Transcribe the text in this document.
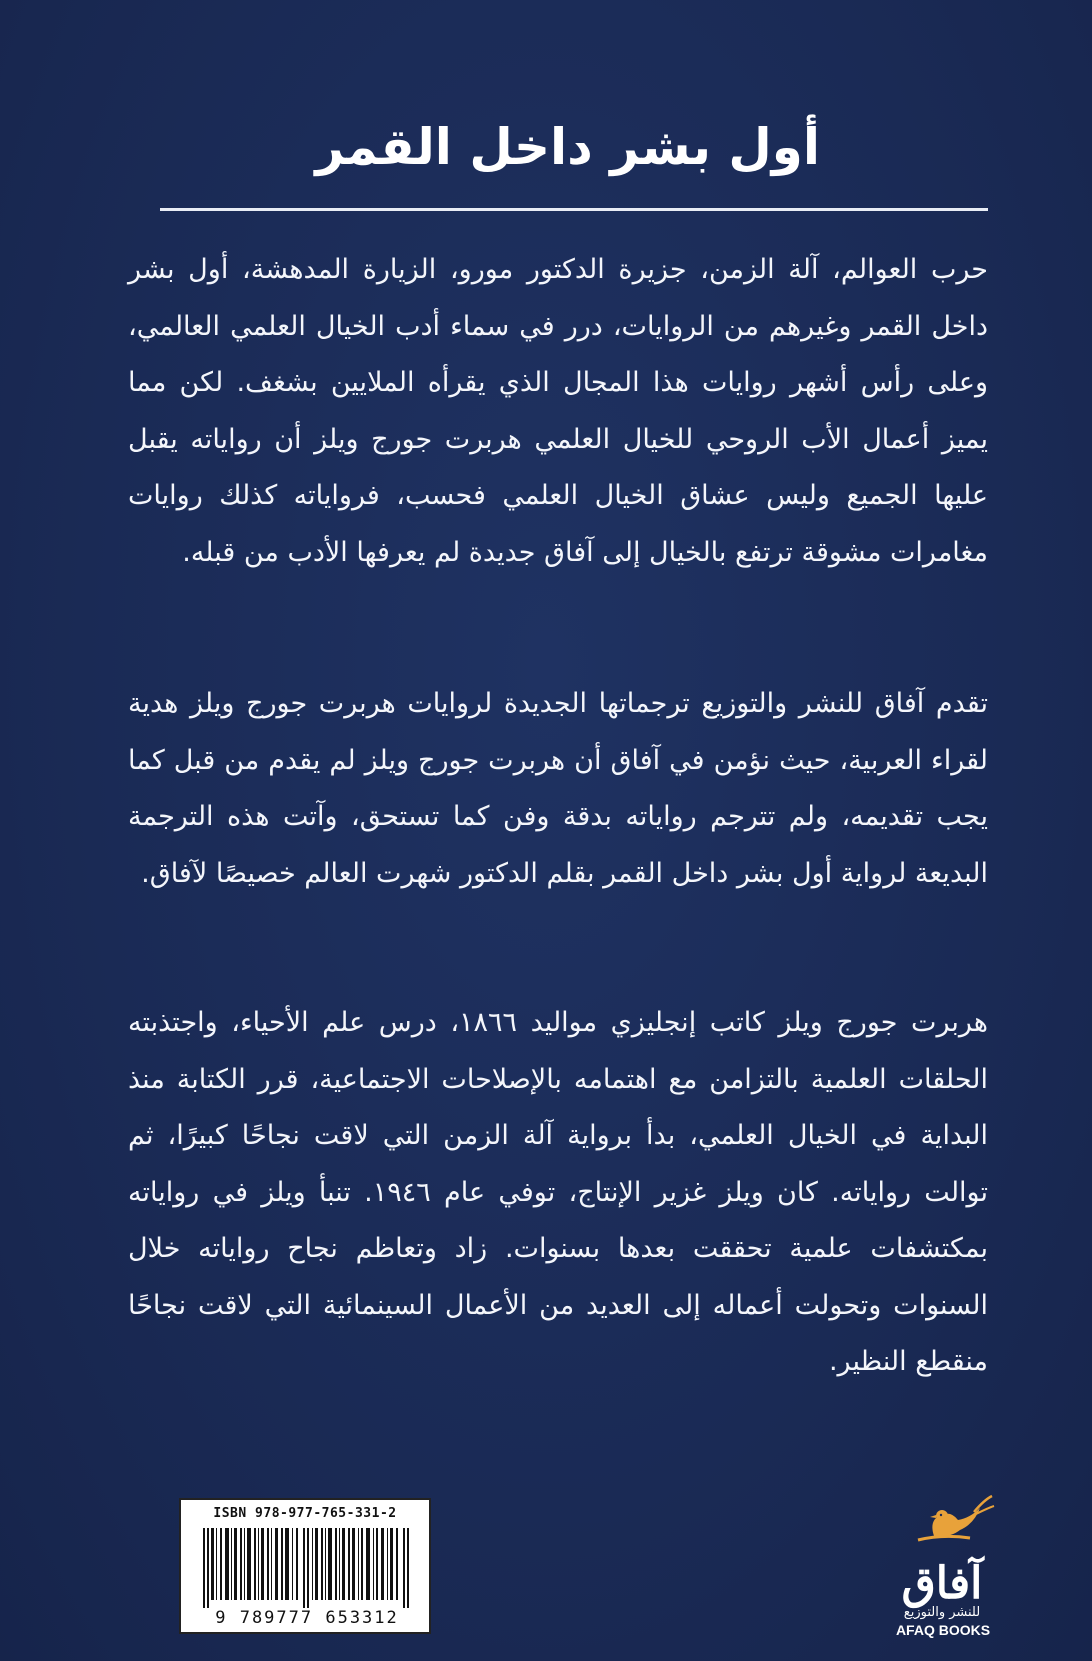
أول بشر داخل القمر

حرب العوالم، آلة الزمن، جزيرة الدكتور مورو، الزيارة المدهشة، أول بشر داخل القمر وغيرهم من الروايات، درر في سماء أدب الخيال العلمي العالمي، وعلى رأس أشهر روايات هذا المجال الذي يقرأه الملايين بشغف. لكن مما يميز أعمال الأب الروحي للخيال العلمي هربرت جورج ويلز أن رواياته يقبل عليها الجميع وليس عشاق الخيال العلمي فحسب، فرواياته كذلك روايات مغامرات مشوقة ترتفع بالخيال إلى آفاق جديدة لم يعرفها الأدب من قبله.

تقدم آفاق للنشر والتوزيع ترجماتها الجديدة لروايات هربرت جورج ويلز هدية لقراء العربية، حيث نؤمن في آفاق أن هربرت جورج ويلز لم يقدم من قبل كما يجب تقديمه، ولم تترجم رواياته بدقة وفن كما تستحق، وآتت هذه الترجمة البديعة لرواية أول بشر داخل القمر بقلم الدكتور شهرت العالم خصيصًا لآفاق.

هربرت جورج ويلز كاتب إنجليزي مواليد ١٨٦٦، درس علم الأحياء، واجتذبته الحلقات العلمية بالتزامن مع اهتمامه بالإصلاحات الاجتماعية، قرر الكتابة منذ البداية في الخيال العلمي، بدأ برواية آلة الزمن التي لاقت نجاحًا كبيرًا، ثم توالت رواياته. كان ويلز غزير الإنتاج، توفي عام ١٩٤٦. تنبأ ويلز في رواياته بمكتشفات علمية تحققت بعدها بسنوات. زاد وتعاظم نجاح رواياته خلال السنوات وتحولت أعماله إلى العديد من الأعمال السينمائية التي لاقت نجاحًا منقطع النظير.

ISBN 978-977-765-331-2
9 789777 653312
آفاق
للنشر والتوزيع
AFAQ BOOKS
